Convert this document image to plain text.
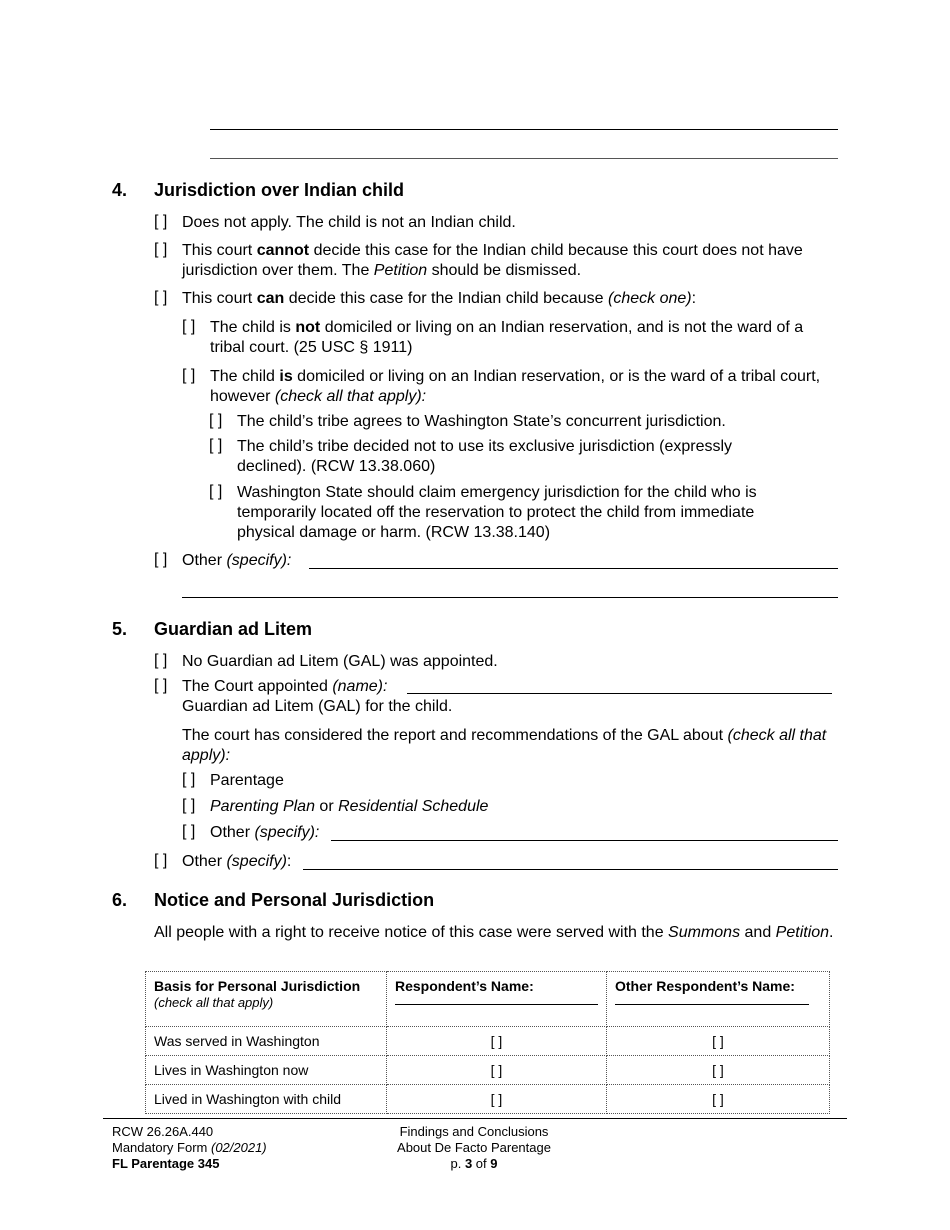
4. Jurisdiction over Indian child
[ ] Does not apply. The child is not an Indian child.
[ ] This court cannot decide this case for the Indian child because this court does not have jurisdiction over them. The Petition should be dismissed.
[ ] This court can decide this case for the Indian child because (check one):
[ ] The child is not domiciled or living on an Indian reservation, and is not the ward of a tribal court. (25 USC § 1911)
[ ] The child is domiciled or living on an Indian reservation, or is the ward of a tribal court, however (check all that apply):
[ ] The child’s tribe agrees to Washington State’s concurrent jurisdiction.
[ ] The child’s tribe decided not to use its exclusive jurisdiction (expressly declined). (RCW 13.38.060)
[ ] Washington State should claim emergency jurisdiction for the child who is temporarily located off the reservation to protect the child from immediate physical damage or harm. (RCW 13.38.140)
[ ] Other (specify):
5. Guardian ad Litem
[ ] No Guardian ad Litem (GAL) was appointed.
[ ] The Court appointed (name):
Guardian ad Litem (GAL) for the child.
The court has considered the report and recommendations of the GAL about (check all that apply):
[ ] Parentage
[ ] Parenting Plan or Residential Schedule
[ ] Other (specify):
[ ] Other (specify):
6. Notice and Personal Jurisdiction
All people with a right to receive notice of this case were served with the Summons and Petition.
Basis for Personal Jurisdiction
(check all that apply)	Respondent’s Name:	Other Respondent’s Name:

Was served in Washington	[ ]	[ ]
Lives in Washington now	[ ]	[ ]
Lived in Washington with child	[ ]	[ ]
RCW 26.26A.440
Mandatory Form (02/2021)
FL Parentage 345
Findings and Conclusions
About De Facto Parentage
p. 3 of 9
